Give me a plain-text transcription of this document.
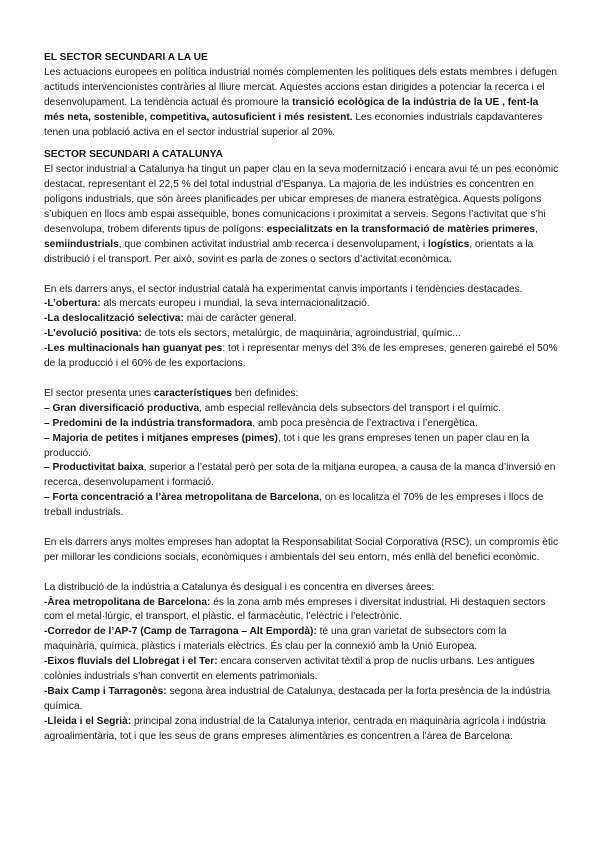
EL SECTOR SECUNDARI A LA UE

Les actuacions europees en política industrial només complementen les polítiques dels estats membres i defugen actituds intervencionistes contràries al lliure mercat. Aquestes accions estan dirigides a potenciar la recerca i el desenvolupament. La tendència actual és promoure la transició ecològica de la indústria de la UE , fent-la més neta, sostenible, competitiva, autosuficient i més resistent. Les economies industrials capdavanteres tenen una població activa en el sector industrial superior al 20%.

SECTOR SECUNDARI A CATALUNYA

El sector industrial a Catalunya ha tingut un paper clau en la seva modernització i encara avui té un pes econòmic destacat, representant el 22,5 % del total industrial d’Espanya. La majoria de les indústries es concentren en polígons industrials, que són àrees planificades per ubicar empreses de manera estratègica. Aquests polígons s’ubiquen en llocs amb espai assequible, bones comunicacions i proximitat a serveis. Segons l’activitat que s’hi desenvolupa, trobem diferents tipus de polígons: especialitzats en la transformació de matèries primeres, semiindustrials, que combinen activitat industrial amb recerca i desenvolupament, i logístics, orientats a la distribució i el transport. Per això, sovint es parla de zones o sectors d’activitat econòmica.

En els darrers anys, el sector industrial català ha experimentat canvis importants i tendències destacades.

-L’obertura: als mercats europeu i mundial, la seva internacionalització.

-La deslocalització selectiva: mai de caràcter general.

-L’evolució positiva: de tots els sectors, metalúrgic, de maquinària, agroindustrial, químic...

-Les multinacionals han guanyat pes: tot i representar menys del 3% de les empreses, generen gairebé el 50% de la producció i el 60% de les exportacions.

El sector presenta unes característiques ben definides:

– Gran diversificació productiva, amb especial rellevància dels subsectors del transport i el químic.

– Predomini de la indústria transformadora, amb poca presència de l’extractiva i l’energètica.

– Majoria de petites i mitjanes empreses (pimes), tot i que les grans empreses tenen un paper clau en la producció.

– Productivitat baixa, superior a l’estatal però per sota de la mitjana europea, a causa de la manca d’inversió en recerca, desenvolupament i formació.

– Forta concentració a l’àrea metropolitana de Barcelona, on es localitza el 70% de les empreses i llocs de treball industrials.

En els darrers anys moltes empreses han adoptat la Responsabilitat Social Corporativa (RSC), un compromís ètic per millorar les condicions socials, econòmiques i ambientals del seu entorn, més enllà del benefici econòmic.

La distribució de la indústria a Catalunya és desigual i es concentra en diverses àrees:

-Àrea metropolitana de Barcelona: és la zona amb més empreses i diversitat industrial. Hi destaquen sectors com el metal·lúrgic, el transport, el plàstic, el farmacèutic, l’elèctric i l’electrònic.

-Corredor de l’AP-7 (Camp de Tarragona – Alt Empordà): té una gran varietat de subsectors com la maquinària, química, plàstics i materials elèctrics. És clau per la connexió amb la Unió Europea.

-Eixos fluvials del Llobregat i el Ter: encara conserven activitat tèxtil a prop de nuclis urbans. Les antigues colònies industrials s’han convertit en elements patrimonials.

-Baix Camp i Tarragonès: segona àrea industrial de Catalunya, destacada per la forta presència de la indústria química.

-Lleida i el Segrià: principal zona industrial de la Catalunya interior, centrada en maquinària agrícola i indústria agroalimentària, tot i que les seus de grans empreses alimentàries es concentren a l’àrea de Barcelona.
